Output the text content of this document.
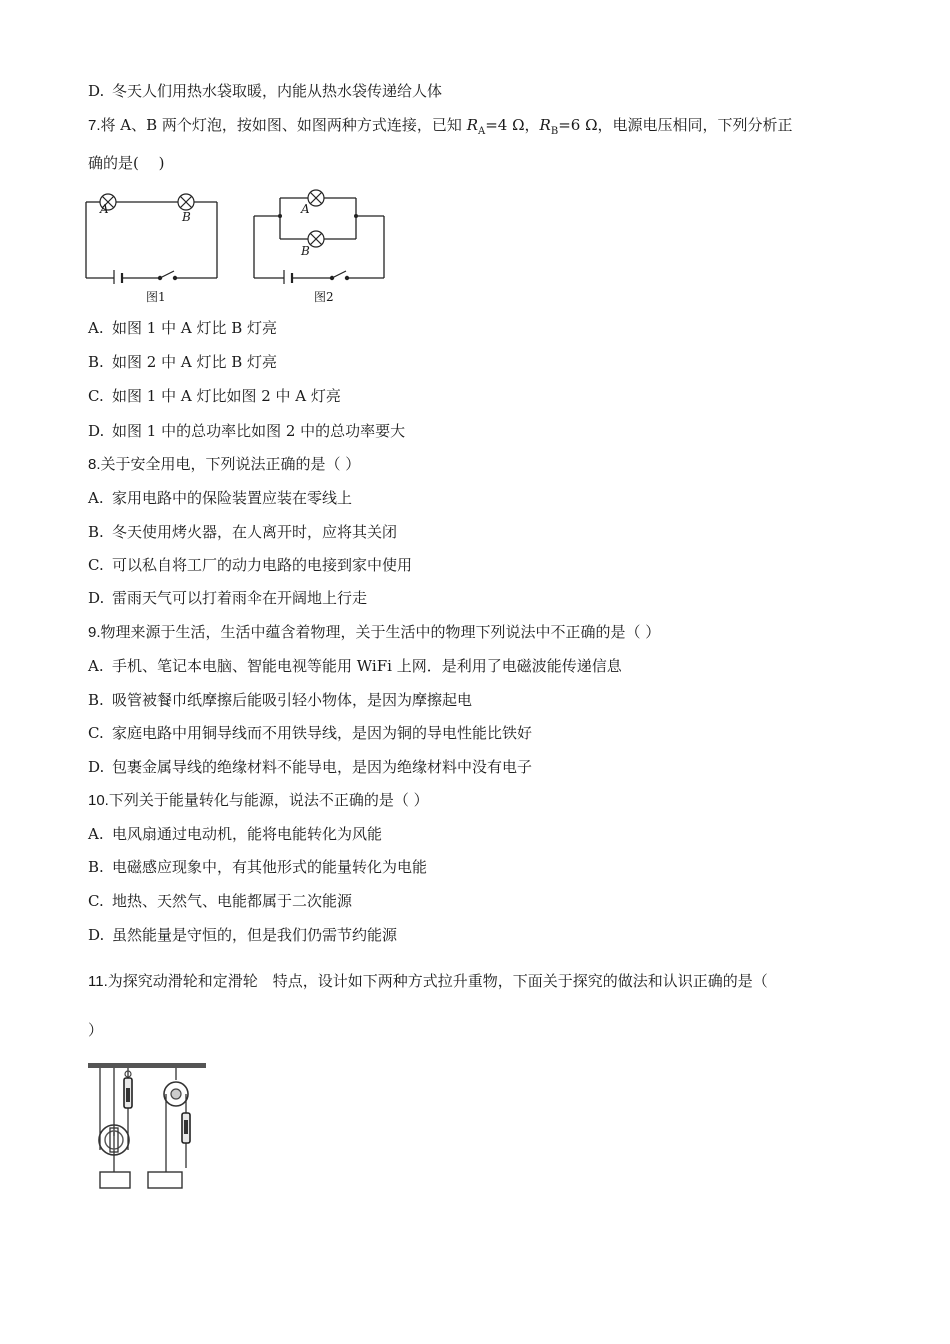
D. 冬天人们用热水袋取暖，内能从热水袋传递给人体
7.将 A、B 两个灯泡，按如图、如图两种方式连接，已知 $R_A=4$ Ω，$R_B=6$ Ω，电源电压相同，下列分析正
确的是(　 )
A
B
图1
A
B
图2
A. 如图 1 中 A 灯比 B 灯亮
B. 如图 2 中 A 灯比 B 灯亮
C. 如图 1 中 A 灯比如图 2 中 A 灯亮
D. 如图 1 中的总功率比如图 2 中的总功率要大
8.关于安全用电，下列说法正确的是（ ）
A. 家用电路中的保险装置应装在零线上
B. 冬天使用烤火器，在人离开时，应将其关闭
C. 可以私自将工厂的动力电路的电接到家中使用
D. 雷雨天气可以打着雨伞在开阔地上行走
9.物理来源于生活，生活中蕴含着物理，关于生活中的物理下列说法中不正确的是（ ）
A. 手机、笔记本电脑、智能电视等能用 WiFi 上网．是利用了电磁波能传递信息
B. 吸管被餐巾纸摩擦后能吸引轻小物体，是因为摩擦起电
C. 家庭电路中用铜导线而不用铁导线，是因为铜的导电性能比铁好
D. 包裹金属导线的绝缘材料不能导电，是因为绝缘材料中没有电子
10.下列关于能量转化与能源，说法不正确的是（ ）
A. 电风扇通过电动机，能将电能转化为风能
B. 电磁感应现象中，有其他形式的能量转化为电能
C. 地热、天然气、电能都属于二次能源
D. 虽然能量是守恒的，但是我们仍需节约能源
11.为探究动滑轮和定滑轮　特点，设计如下两种方式拉升重物，下面关于探究的做法和认识正确的是（
）
